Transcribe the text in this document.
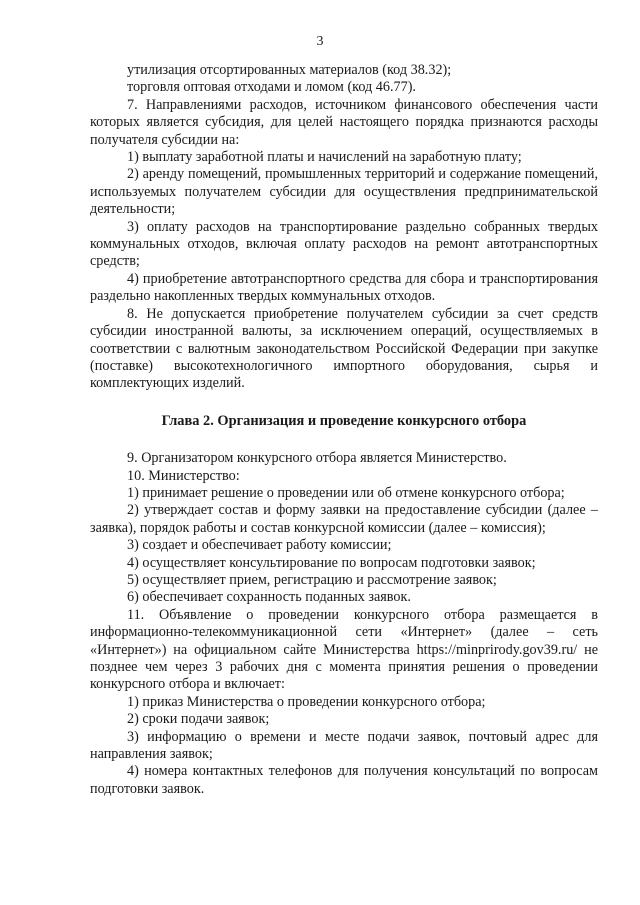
3

утилизация отсортированных материалов (код 38.32);

торговля оптовая отходами и ломом (код 46.77).

7. Направлениями расходов, источником финансового обеспечения части которых является субсидия, для целей настоящего порядка признаются расходы получателя субсидии на:

1) выплату заработной платы и начислений на заработную плату;

2) аренду помещений, промышленных территорий и содержание помещений, используемых получателем субсидии для осуществления предпринимательской деятельности;

3) оплату расходов на транспортирование раздельно собранных твердых коммунальных отходов, включая оплату расходов на ремонт автотранспортных средств;

4) приобретение автотранспортного средства для сбора и транспортирования раздельно накопленных твердых коммунальных отходов.

8. Не допускается приобретение получателем субсидии за счет средств субсидии иностранной валюты, за исключением операций, осуществляемых в соответствии с валютным законодательством Российской Федерации при закупке (поставке) высокотехнологичного импортного оборудования, сырья и комплектующих изделий.

Глава 2. Организация и проведение конкурсного отбора

9. Организатором конкурсного отбора является Министерство.

10. Министерство:

1) принимает решение о проведении или об отмене конкурсного отбора;

2) утверждает состав и форму заявки на предоставление субсидии (далее – заявка), порядок работы и состав конкурсной комиссии (далее – комиссия);

3) создает и обеспечивает работу комиссии;

4) осуществляет консультирование по вопросам подготовки заявок;

5) осуществляет прием, регистрацию и рассмотрение заявок;

6) обеспечивает сохранность поданных заявок.

11. Объявление о проведении конкурсного отбора размещается в информационно-телекоммуникационной сети «Интернет» (далее – сеть «Интернет») на официальном сайте Министерства https://minprirody.gov39.ru/ не позднее чем через 3 рабочих дня с момента принятия решения о проведении конкурсного отбора и включает:

1) приказ Министерства о проведении конкурсного отбора;

2) сроки подачи заявок;

3) информацию о времени и месте подачи заявок, почтовый адрес для направления заявок;

4) номера контактных телефонов для получения консультаций по вопросам подготовки заявок.
